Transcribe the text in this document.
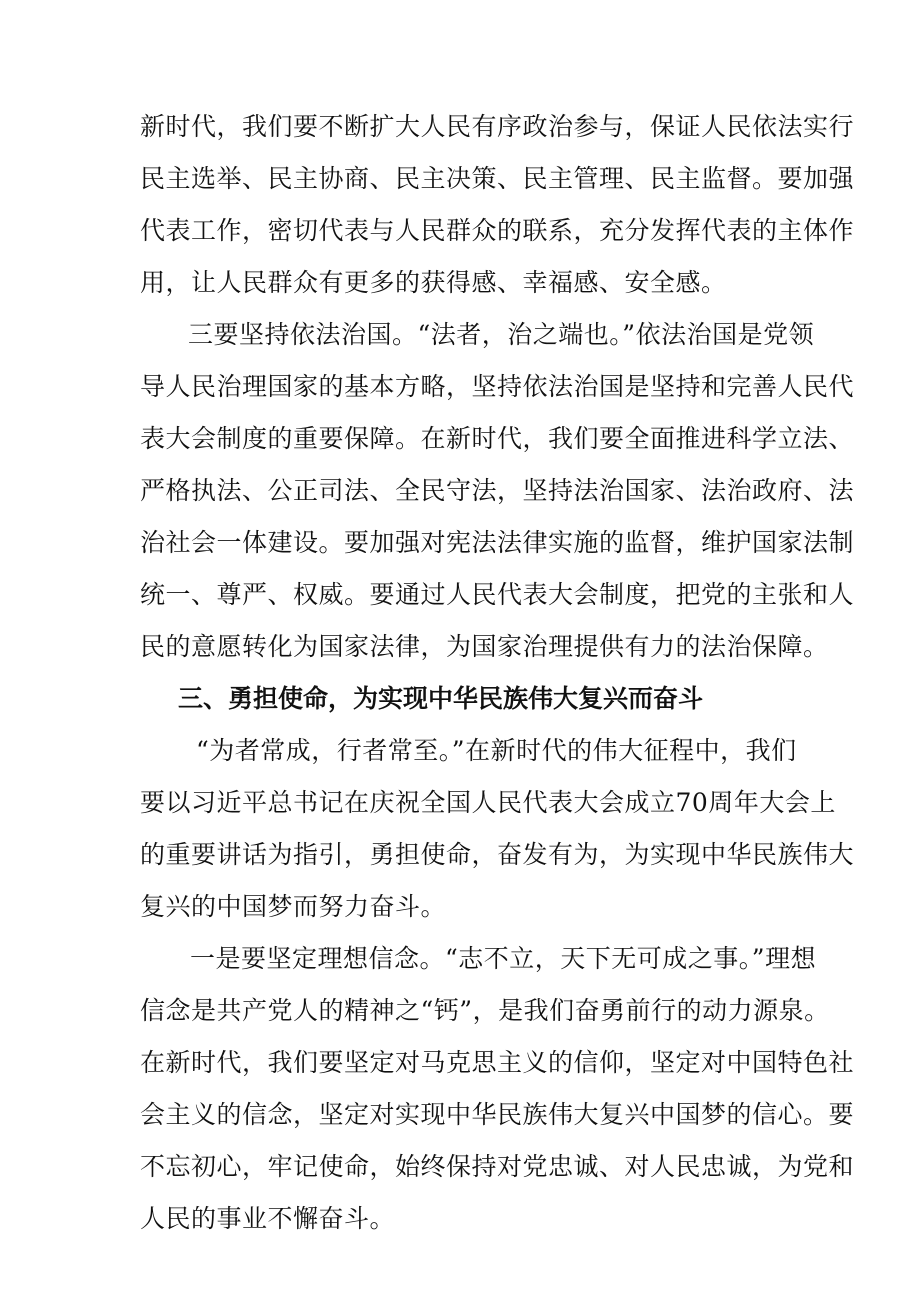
新时代，我们要不断扩大人民有序政治参与，保证人民依法实行
民主选举、民主协商、民主决策、民主管理、民主监督。要加强
代表工作，密切代表与人民群众的联系，充分发挥代表的主体作
用，让人民群众有更多的获得感、幸福感、安全感。
三要坚持依法治国。“法者，治之端也。”依法治国是党领
导人民治理国家的基本方略，坚持依法治国是坚持和完善人民代
表大会制度的重要保障。在新时代，我们要全面推进科学立法、
严格执法、公正司法、全民守法，坚持法治国家、法治政府、法
治社会一体建设。要加强对宪法法律实施的监督，维护国家法制
统一、尊严、权威。要通过人民代表大会制度，把党的主张和人
民的意愿转化为国家法律，为国家治理提供有力的法治保障。
三、勇担使命，为实现中华民族伟大复兴而奋斗
“为者常成，行者常至。”在新时代的伟大征程中，我们
要以习近平总书记在庆祝全国人民代表大会成立70周年大会上
的重要讲话为指引，勇担使命，奋发有为，为实现中华民族伟大
复兴的中国梦而努力奋斗。
一是要坚定理想信念。“志不立，天下无可成之事。”理想
信念是共产党人的精神之“钙”，是我们奋勇前行的动力源泉。
在新时代，我们要坚定对马克思主义的信仰，坚定对中国特色社
会主义的信念，坚定对实现中华民族伟大复兴中国梦的信心。要
不忘初心，牢记使命，始终保持对党忠诚、对人民忠诚，为党和
人民的事业不懈奋斗。
